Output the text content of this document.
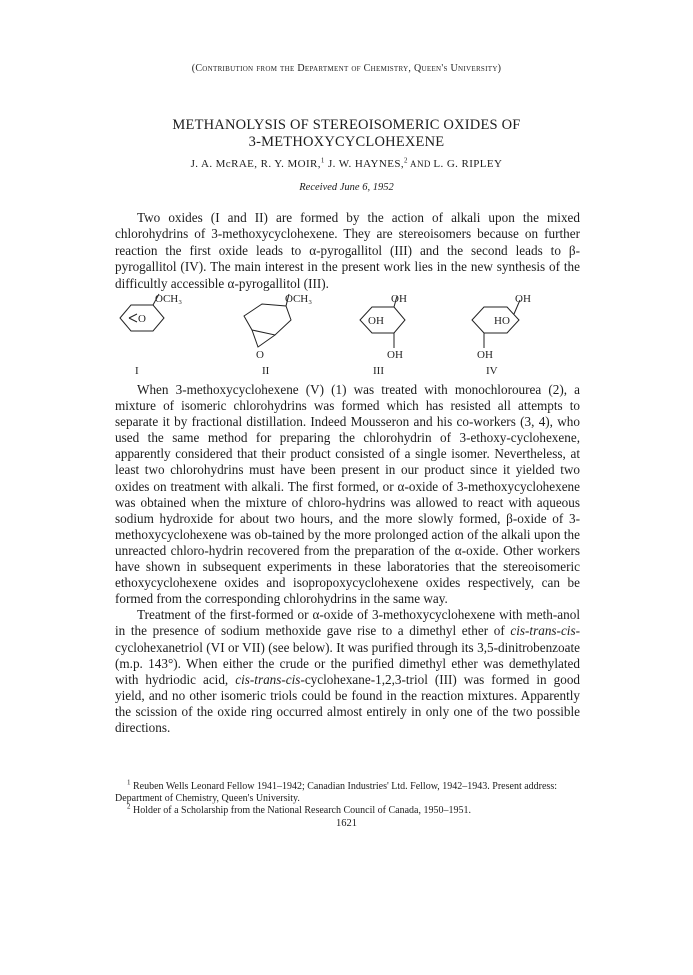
(Contribution from the Department of Chemistry, Queen's University)
METHANOLYSIS OF STEREOISOMERIC OXIDES OF
3-METHOXYCYCLOHEXENE
J. A. McRAE, R. Y. MOIR,$^1$ J. W. HAYNES,$^2$ AND L. G. RIPLEY
Received June 6, 1952

Two oxides (I and II) are formed by the action of alkali upon the mixed chlorohydrins of 3-methoxycyclohexene. They are stereoisomers because on further reaction the first oxide leads to α-pyrogallitol (III) and the second leads to β-pyrogallitol (IV). The main interest in the present work lies in the new synthesis of the difficultly accessible α-pyrogallitol (III).

OCH₃
O
I
OCH₃
O
II
OH
OH
OH
III
OH
HO
OH
IV

When 3-methoxycyclohexene (V) (1) was treated with monochlorourea (2), a mixture of isomeric chlorohydrins was formed which has resisted all attempts to separate it by fractional distillation. Indeed Mousseron and his co-workers (3, 4), who used the same method for preparing the chlorohydrin of 3-ethoxy-cyclohexene, apparently considered that their product consisted of a single isomer. Nevertheless, at least two chlorohydrins must have been present in our product since it yielded two oxides on treatment with alkali. The first formed, or α-oxide of 3-methoxycyclohexene was obtained when the mixture of chloro-hydrins was allowed to react with aqueous sodium hydroxide for about two hours, and the more slowly formed, β-oxide of 3-methoxycyclohexene was ob-tained by the more prolonged action of the alkali upon the unreacted chloro-hydrin recovered from the preparation of the α-oxide. Other workers have shown in subsequent experiments in these laboratories that the stereoisomeric ethoxycyclohexene oxides and isopropoxycyclohexene oxides respectively, can be formed from the corresponding chlorohydrins in the same way.

Treatment of the first-formed or α-oxide of 3-methoxycyclohexene with meth-anol in the presence of sodium methoxide gave rise to a dimethyl ether of cis-trans-cis-cyclohexanetriol (VI or VII) (see below). It was purified through its 3,5-dinitrobenzoate (m.p. 143°). When either the crude or the purified dimethyl ether was demethylated with hydriodic acid, cis-trans-cis-cyclohexane-1,2,3-triol (III) was formed in good yield, and no other isomeric triols could be found in the reaction mixtures. Apparently the scission of the oxide ring occurred almost entirely in only one of the two possible directions.

$^1$ Reuben Wells Leonard Fellow 1941–1942; Canadian Industries' Ltd. Fellow, 1942–1943. Present address: Department of Chemistry, Queen's University.

$^2$ Holder of a Scholarship from the National Research Council of Canada, 1950–1951.

1621
